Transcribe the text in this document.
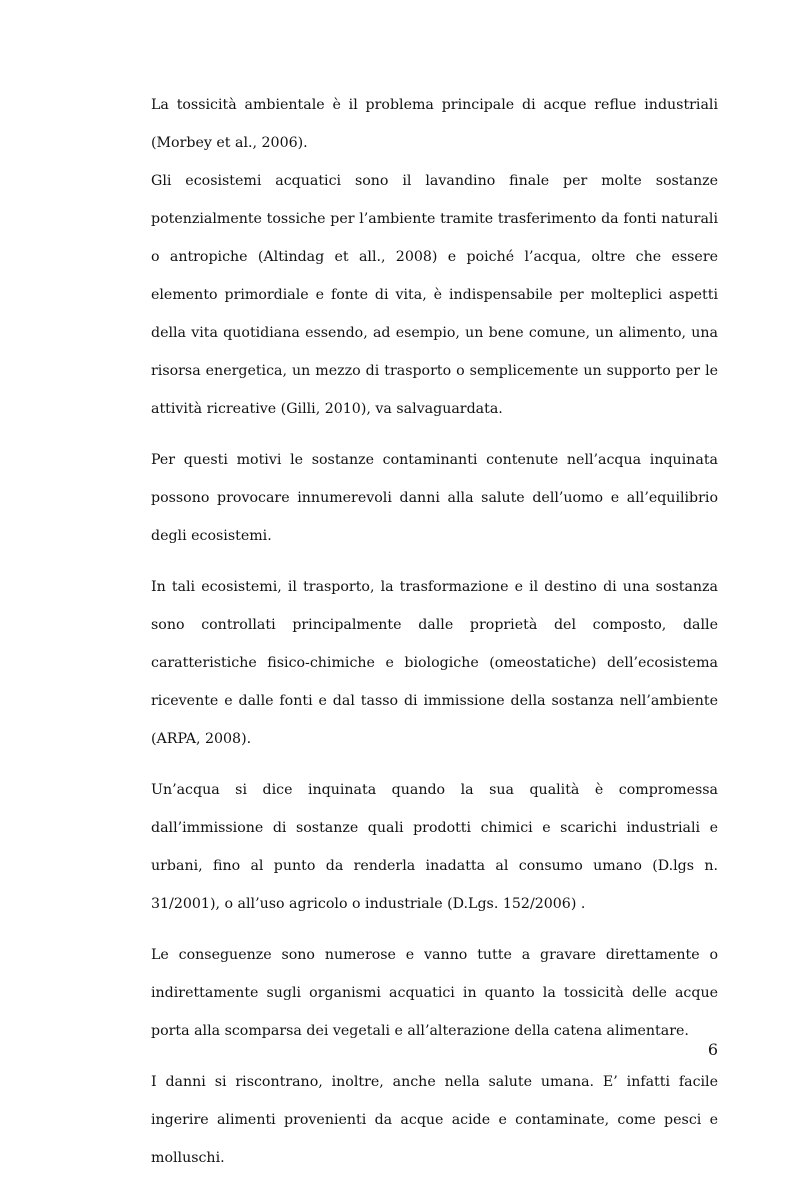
La tossicità ambientale è il problema principale di acque reflue industriali (Morbey et al., 2006).

Gli ecosistemi acquatici sono il lavandino finale per molte sostanze potenzialmente tossiche per l’ambiente tramite trasferimento da fonti naturali o antropiche (Altindag et all., 2008) e poiché l’acqua, oltre che essere elemento primordiale e fonte di vita, è indispensabile per molteplici aspetti della vita quotidiana essendo, ad esempio, un bene comune, un alimento, una risorsa energetica, un mezzo di trasporto o semplicemente un supporto per le attività ricreative (Gilli, 2010), va salvaguardata.

Per questi motivi le sostanze contaminanti contenute nell’acqua inquinata possono provocare innumerevoli danni alla salute dell’uomo e all’equilibrio degli ecosistemi.

In tali ecosistemi, il trasporto, la trasformazione e il destino di una sostanza sono controllati principalmente dalle proprietà del composto, dalle caratteristiche fisico-chimiche e biologiche (omeostatiche) dell’ecosistema ricevente e dalle fonti e dal tasso di immissione della sostanza nell’ambiente (ARPA, 2008).

Un’acqua si dice inquinata quando la sua qualità è compromessa dall’immissione di sostanze quali prodotti chimici e scarichi industriali e urbani, fino al punto da renderla inadatta al consumo umano (D.lgs n. 31/2001), o all’uso agricolo o industriale (D.Lgs. 152/2006) .

Le conseguenze sono numerose e vanno tutte a gravare direttamente o indirettamente sugli organismi acquatici in quanto la tossicità delle acque porta alla scomparsa dei vegetali e all’alterazione della catena alimentare.

I danni si riscontrano, inoltre, anche nella salute umana. E’ infatti facile ingerire alimenti provenienti da acque acide e contaminate, come pesci e molluschi.

6
